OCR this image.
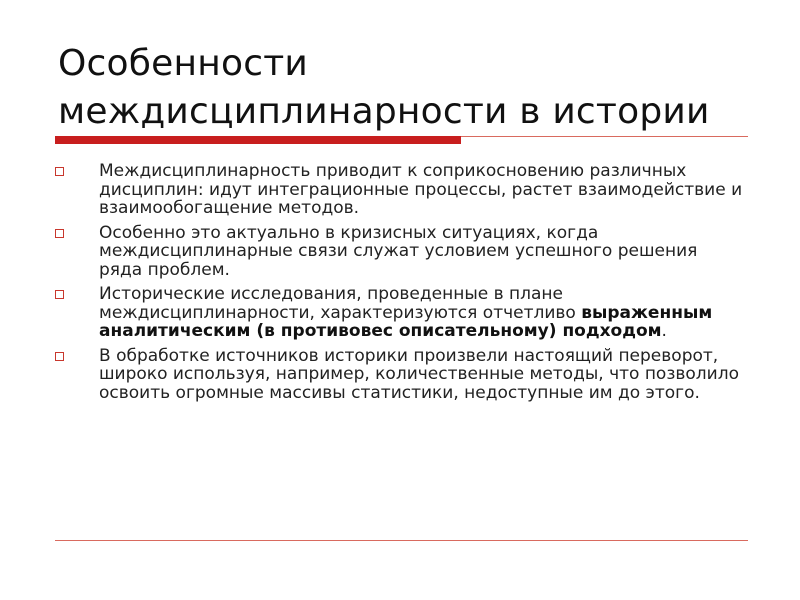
Особенности
междисциплинарности в истории
Междисциплинарность приводит к соприкосновению различных дисциплин: идут интеграционные процессы, растет взаимодействие и взаимообогащение методов.
Особенно это актуально в кризисных ситуациях, когда междисциплинарные связи служат условием успешного решения ряда проблем.
Исторические исследования, проведенные в плане междисциплинарности, характеризуются отчетливо выраженным аналитическим (в противовес описательному) подходом.
В обработке источников историки произвели настоящий переворот, широко используя, например, количественные методы, что позволило освоить огромные массивы статистики, недоступные им до этого.
